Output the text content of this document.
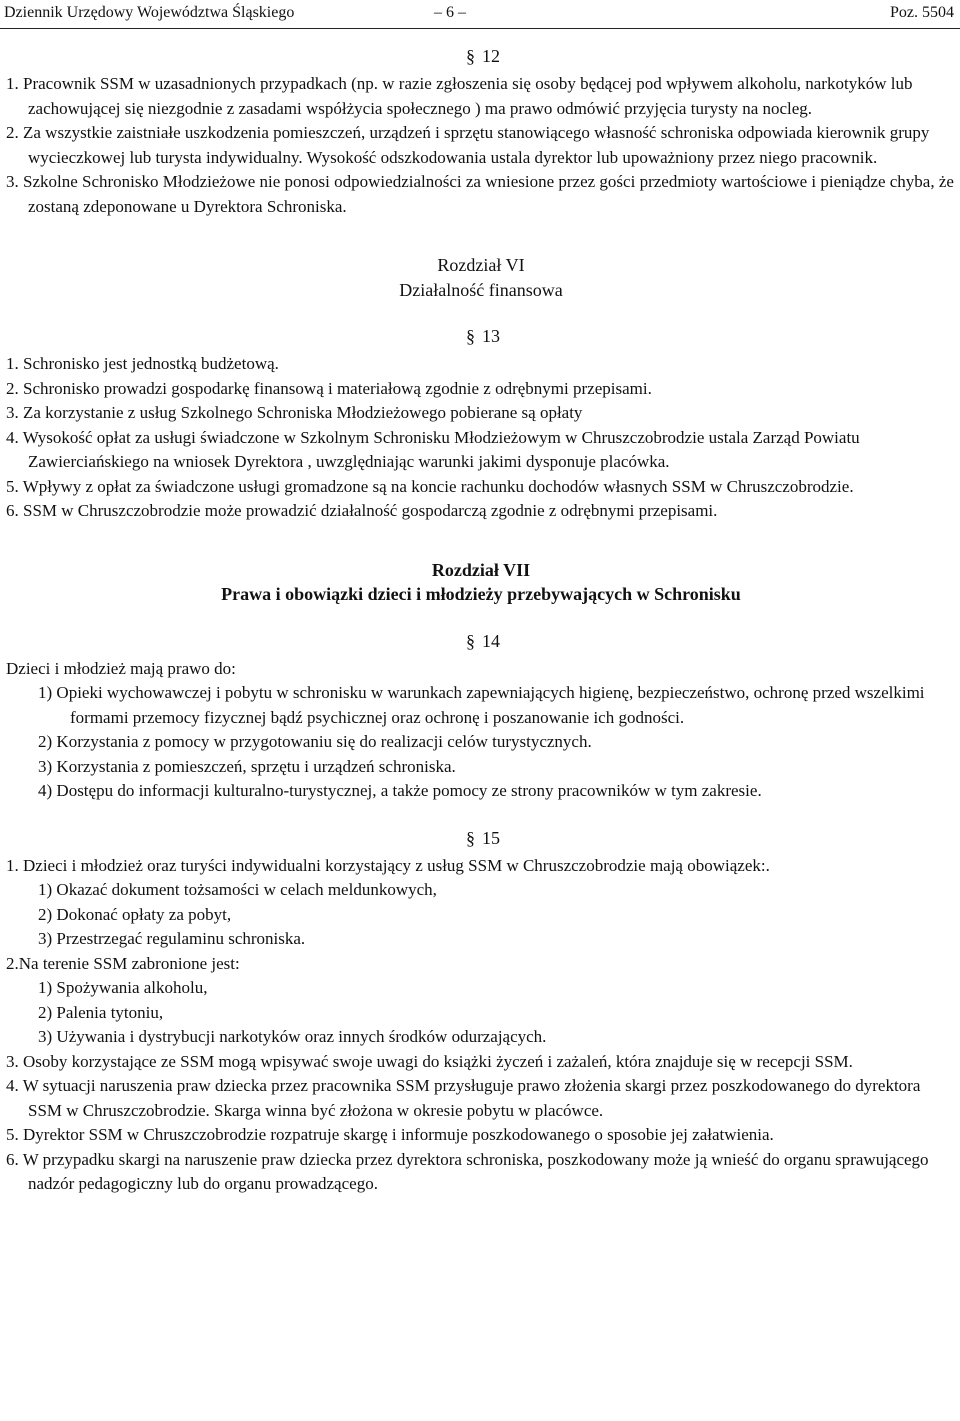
Dziennik Urzędowy Województwa Śląskiego	– 6 –	Poz. 5504
§ 12

1. Pracownik SSM w uzasadnionych przypadkach (np. w razie zgłoszenia się osoby będącej pod wpływem alkoholu, narkotyków lub zachowującej się niezgodnie z zasadami współżycia społecznego ) ma prawo odmówić przyjęcia turysty na nocleg.

2. Za wszystkie zaistniałe uszkodzenia pomieszczeń, urządzeń i sprzętu stanowiącego własność schroniska odpowiada kierownik grupy wycieczkowej lub turysta indywidualny. Wysokość odszkodowania ustala dyrektor lub upoważniony przez niego pracownik.

3. Szkolne Schronisko Młodzieżowe nie ponosi odpowiedzialności za wniesione przez gości przedmioty wartościowe i pieniądze chyba, że zostaną zdeponowane u Dyrektora Schroniska.

Rozdział VI
Działalność finansowa
§ 13

1. Schronisko jest jednostką budżetową.

2. Schronisko prowadzi gospodarkę finansową i materiałową zgodnie z odrębnymi przepisami.

3. Za korzystanie z usług Szkolnego Schroniska Młodzieżowego pobierane są opłaty

4. Wysokość opłat za usługi świadczone w Szkolnym Schronisku Młodzieżowym w Chruszczobrodzie ustala Zarząd Powiatu Zawierciańskiego na wniosek Dyrektora , uwzględniając warunki jakimi dysponuje placówka.

5. Wpływy z opłat za świadczone usługi gromadzone są na koncie rachunku dochodów własnych SSM w Chruszczobrodzie.

6. SSM w Chruszczobrodzie może prowadzić działalność gospodarczą zgodnie z odrębnymi przepisami.

Rozdział VII
Prawa i obowiązki dzieci i młodzieży przebywających w Schronisku
§ 14

Dzieci i młodzież mają prawo do:

1) Opieki wychowawczej i pobytu w schronisku w warunkach zapewniających higienę, bezpieczeństwo, ochronę przed wszelkimi formami przemocy fizycznej bądź psychicznej oraz ochronę i poszanowanie ich godności.

2) Korzystania z pomocy w przygotowaniu się do realizacji celów turystycznych.

3) Korzystania z pomieszczeń, sprzętu i urządzeń schroniska.

4) Dostępu do informacji kulturalno-turystycznej, a także pomocy ze strony pracowników w tym zakresie.

§ 15

1. Dzieci i młodzież oraz turyści indywidualni korzystający z usług SSM w Chruszczobrodzie mają obowiązek:.

1) Okazać dokument tożsamości w celach meldunkowych,

2) Dokonać opłaty za pobyt,

3) Przestrzegać regulaminu schroniska.

2.Na terenie SSM zabronione jest:

1) Spożywania alkoholu,

2) Palenia tytoniu,

3) Używania i dystrybucji narkotyków oraz innych środków odurzających.

3. Osoby korzystające ze SSM mogą wpisywać swoje uwagi do książki życzeń i zażaleń, która znajduje się w recepcji SSM.

4. W sytuacji naruszenia praw dziecka przez pracownika SSM przysługuje prawo złożenia skargi przez poszkodowanego do dyrektora SSM w Chruszczobrodzie. Skarga winna być złożona w okresie pobytu w placówce.

5. Dyrektor SSM w Chruszczobrodzie rozpatruje skargę i informuje poszkodowanego o sposobie jej załatwienia.

6. W przypadku skargi na naruszenie praw dziecka przez dyrektora schroniska, poszkodowany może ją wnieść do organu sprawującego nadzór pedagogiczny lub do organu prowadzącego.
